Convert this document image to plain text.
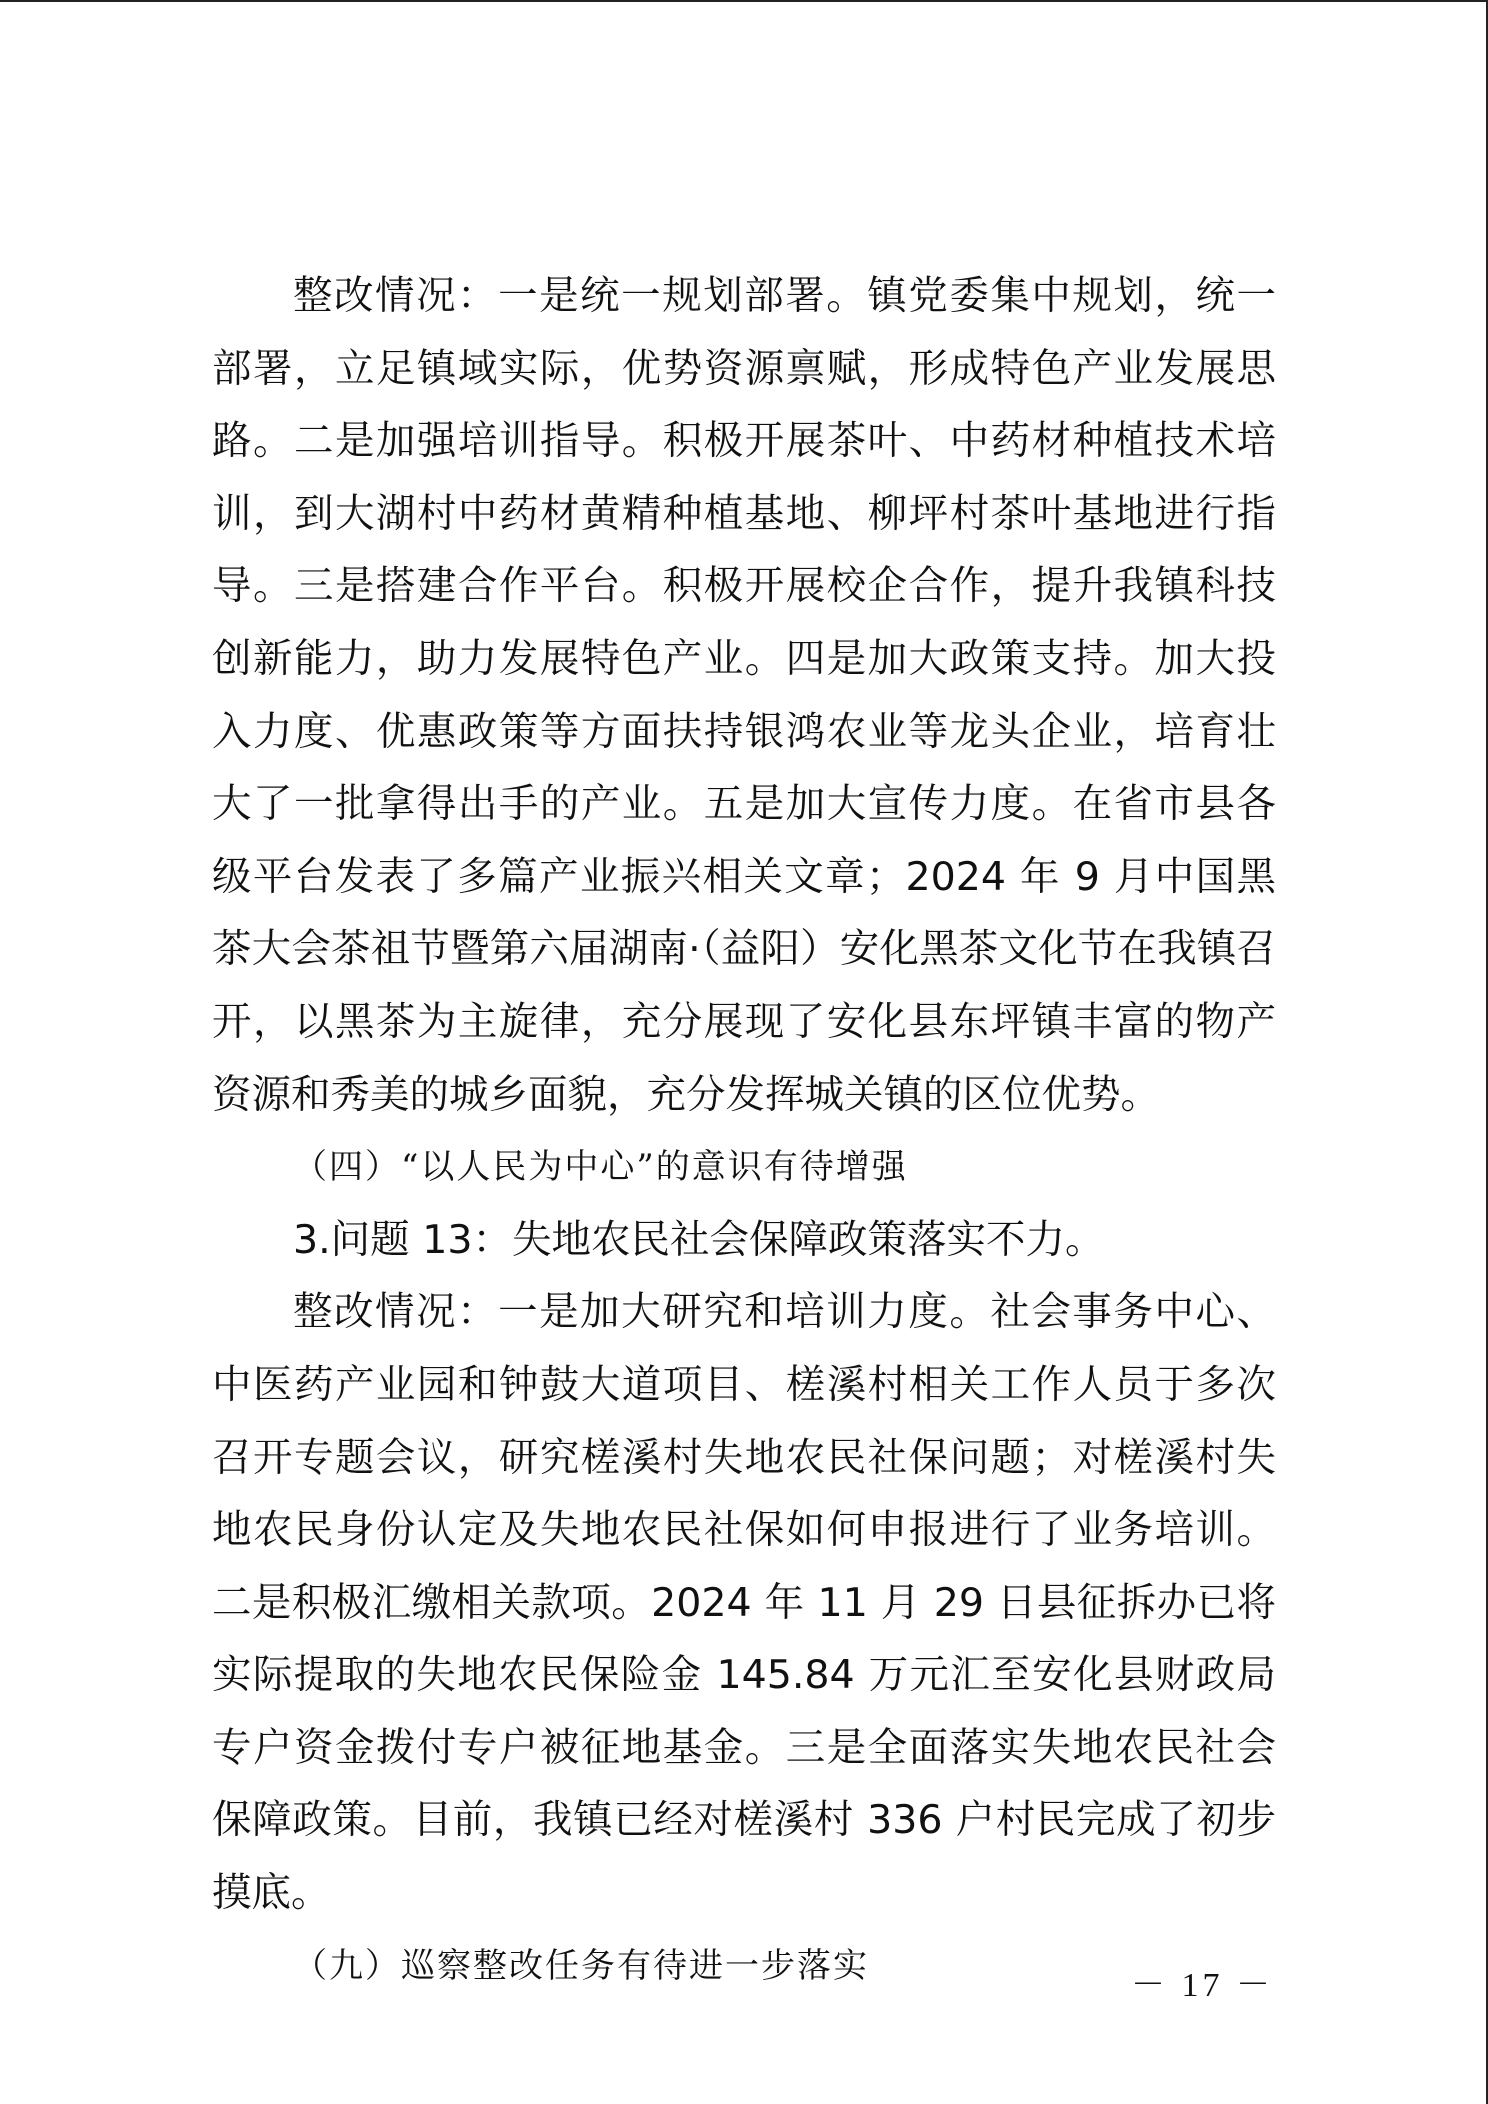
整改情况：一是统一规划部署。镇党委集中规划，统一部署，立足镇域实际，优势资源禀赋，形成特色产业发展思路。二是加强培训指导。积极开展茶叶、中药材种植技术培训，到大湖村中药材黄精种植基地、柳坪村茶叶基地进行指导。三是搭建合作平台。积极开展校企合作，提升我镇科技创新能力，助力发展特色产业。四是加大政策支持。加大投入力度、优惠政策等方面扶持银鸿农业等龙头企业，培育壮大了一批拿得出手的产业。五是加大宣传力度。在省市县各级平台发表了多篇产业振兴相关文章；2024 年 9 月中国黑茶大会茶祖节暨第六届湖南·（益阳）安化黑茶文化节在我镇召开，以黑茶为主旋律，充分展现了安化县东坪镇丰富的物产资源和秀美的城乡面貌，充分发挥城关镇的区位优势。

（四）“以人民为中心”的意识有待增强

3.问题 13：失地农民社会保障政策落实不力。

整改情况：一是加大研究和培训力度。社会事务中心、中医药产业园和钟鼓大道项目、槎溪村相关工作人员于多次召开专题会议，研究槎溪村失地农民社保问题；对槎溪村失地农民身份认定及失地农民社保如何申报进行了业务培训。二是积极汇缴相关款项。2024 年 11 月 29 日县征拆办已将实际提取的失地农民保险金 145.84 万元汇至安化县财政局专户资金拨付专户被征地基金。三是全面落实失地农民社会保障政策。目前，我镇已经对槎溪村 336 户村民完成了初步摸底。

（九）巡察整改任务有待进一步落实	－ 17 －
